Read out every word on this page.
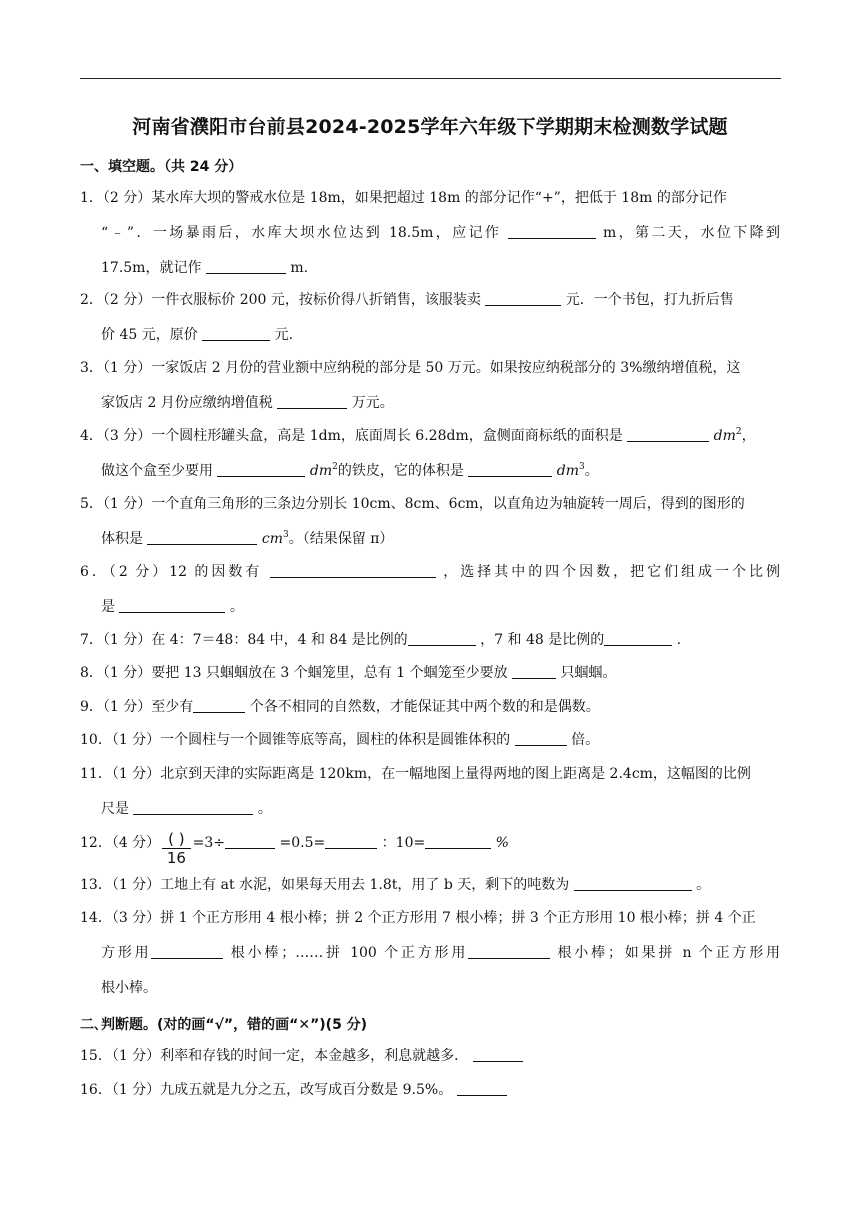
河南省濮阳市台前县2024-2025学年六年级下学期期末检测数学试题
一、填空题。（共 24 分）
1．（2 分）某水库大坝的警戒水位是 18m，如果把超过 18m 的部分记作“+”，把低于 18m 的部分记作
“﹣”．一场暴雨后，水库大坝水位达到 18.5m，应记作	m，第二天，水位下降到
17.5m，就记作	m.
2．（2 分）一件衣服标价 200 元，按标价得八折销售，该服装卖	元．一个书包，打九折后售
价 45 元，原价	元.
3．（1 分）一家饭店 2 月份的营业额中应纳税的部分是 50 万元。如果按应纳税部分的 3%缴纳增值税，这
家饭店 2 月份应缴纳增值税	万元。
4．（3 分）一个圆柱形罐头盒，高是 1dm，底面周长 6.28dm，盒侧面商标纸的面积是	$dm^2$，
做这个盒至少要用	$dm^2$的铁皮，它的体积是	$dm^3$。
5．（1 分）一个直角三角形的三条边分别长 10cm、8cm、6cm，以直角边为轴旋转一周后，得到的图形的
体积是	$cm^3$。（结果保留 π）
6．（2 分）12 的因数有	，选择其中的四个因数，把它们组成一个比例
是	。
7．（1 分）在 4：7＝48：84 中，4 和 84 是比例的	，7 和 48 是比例的	.
8．（1 分）要把 13 只蝈蝈放在 3 个蝈笼里，总有 1 个蝈笼至少要放	只蝈蝈。
9．（1 分）至少有	个各不相同的自然数，才能保证其中两个数的和是偶数。
10．（1 分）一个圆柱与一个圆锥等底等高，圆柱的体积是圆锥体积的	倍。
11．（1 分）北京到天津的实际距离是 120km，在一幅地图上量得两地的图上距离是 2.4cm，这幅图的比例
尺是	。
12．（4 分） $\frac{( )}{16} =3\div$	=0.5=	：10=	%
13．（1 分）工地上有 at 水泥，如果每天用去 1.8t，用了 b 天，剩下的吨数为	。
14．（3 分）拼 1 个正方形用 4 根小棒；拼 2 个正方形用 7 根小棒；拼 3 个正方形用 10 根小棒；拼 4 个正
方形用	根小棒；……拼 100 个正方形用	根小棒；如果拼 n 个正方形用
根小棒。
二､判断题。(对的画“√”，错的画“✕”)(5 分)
15．（1 分）利率和存钱的时间一定，本金越多，利息就越多．
16．（1 分）九成五就是九分之五，改写成百分数是 9.5%。
